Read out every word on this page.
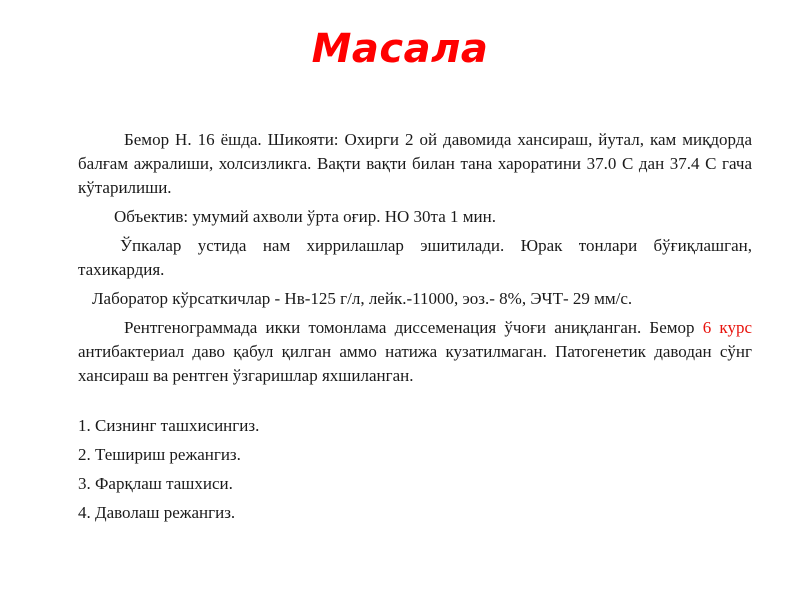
Масала

Бемор Н. 16 ёшда. Шикояти: Охирги 2 ой давомида хансираш, йутал, кам миқдорда балғам ажралиши, холсизликга. Вақти вақти билан тана хароратини 37.0 С дан 37.4 С гача кўтарилиши.

Объектив: умумий ахволи ўрта оғир. НО 30та 1 мин.

Ўпкалар устида нам хиррилашлар эшитилади. Юрак тонлари бўғиқлашган, тахикардия.

Лаборатор кўрсаткичлар - Нв-125 г/л, лейк.-11000, эоз.- 8%, ЭЧТ- 29 мм/с.

Рентгенограммада икки томонлама диссеменация ўчоғи аниқланган. Бемор 6 курс антибактериал даво қабул қилган аммо натижа кузатилмаган. Патогенетик даводан сўнг хансираш ва рентген ўзгаришлар яхшиланган.

1. Сизнинг ташхисингиз.
2. Тешириш режангиз.
3. Фарқлаш ташхиси.
4. Даволаш режангиз.
